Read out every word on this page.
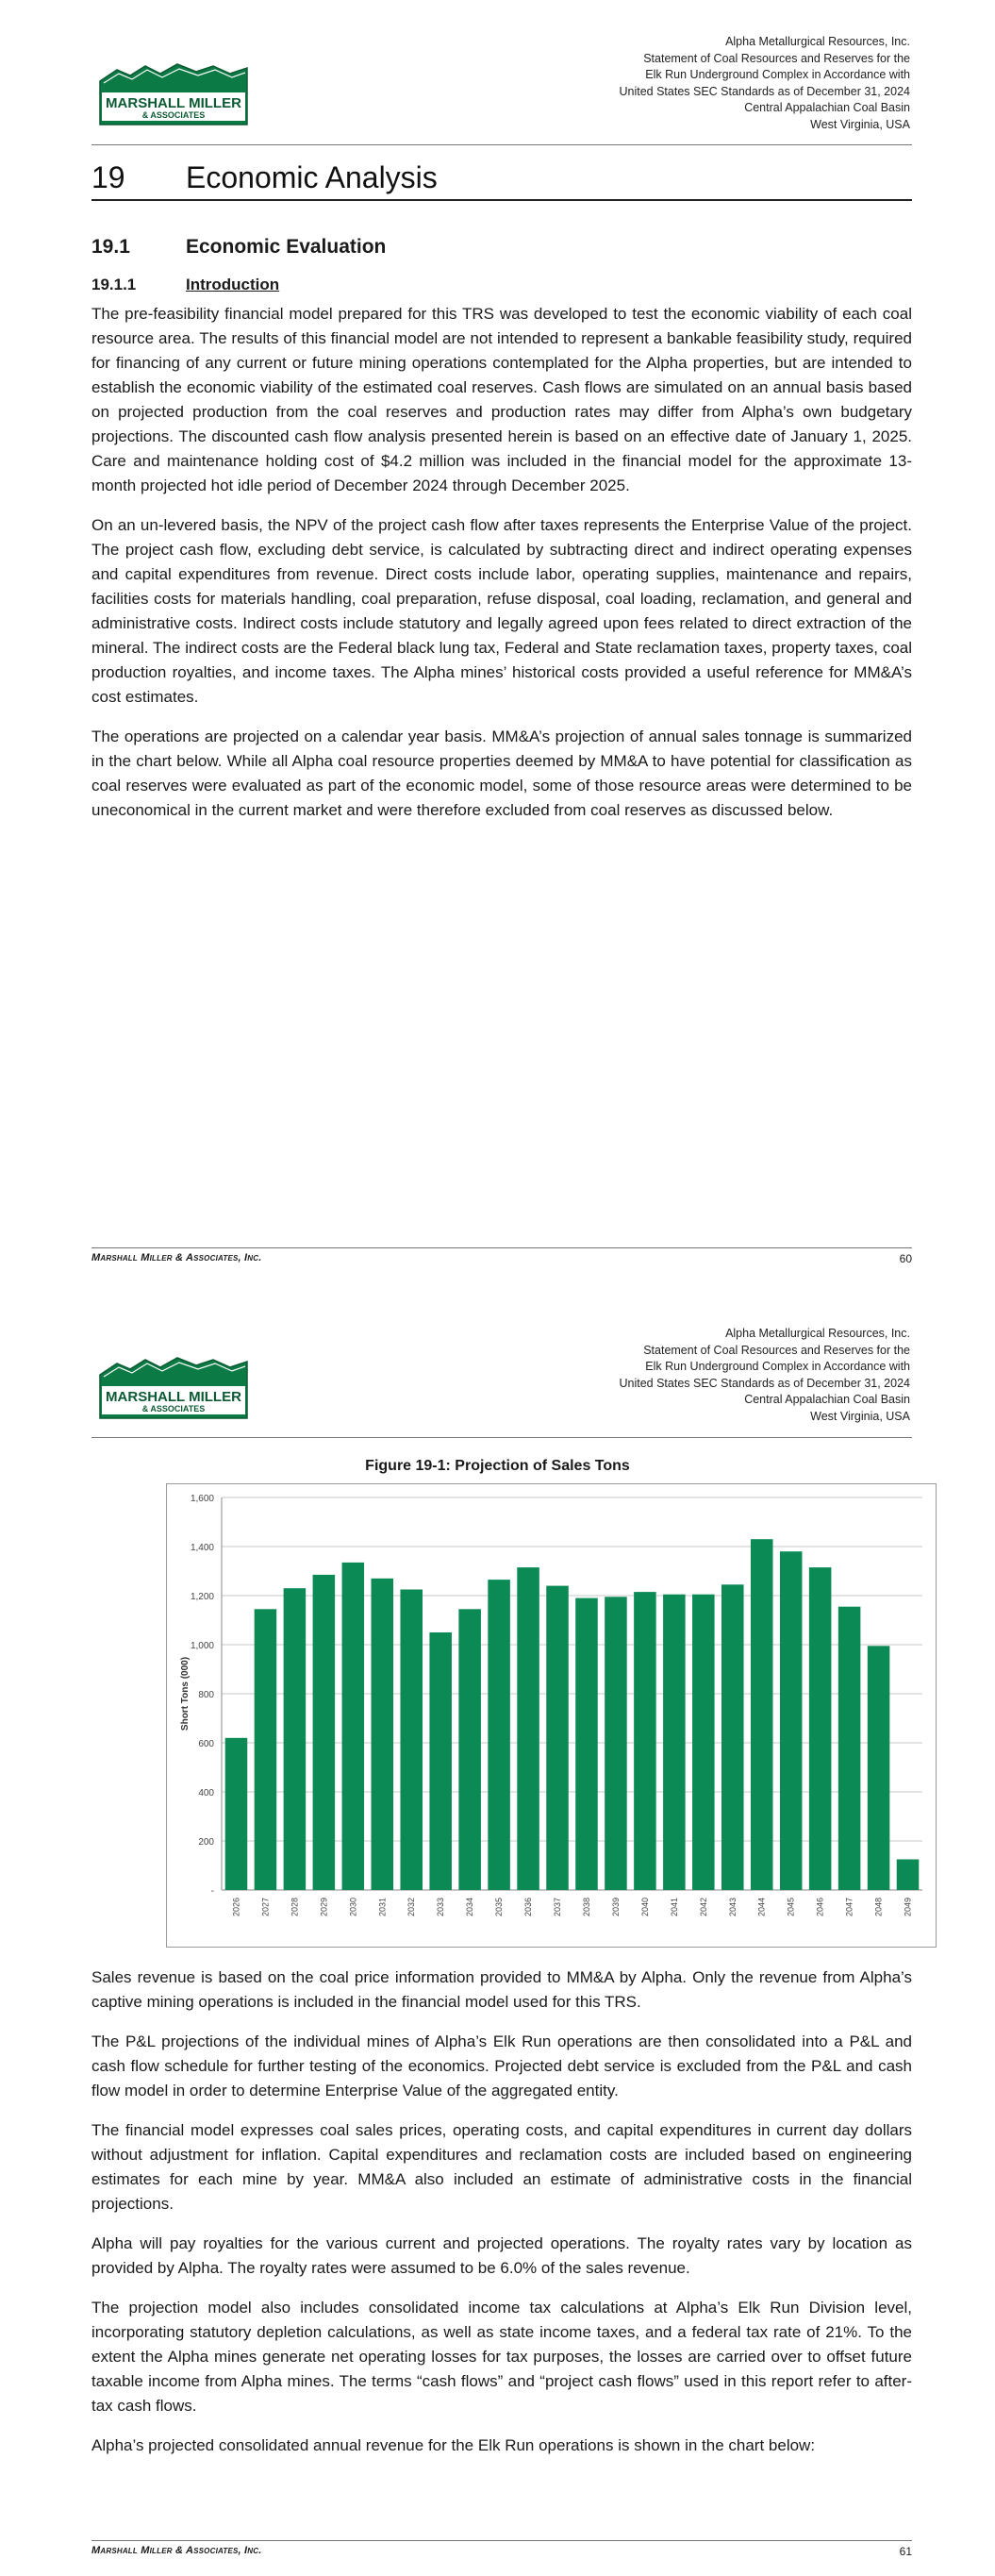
Alpha Metallurgical Resources, Inc.
Statement of Coal Resources and Reserves for the
Elk Run Underground Complex in Accordance with
United States SEC Standards as of December 31, 2024
Central Appalachian Coal Basin
West Virginia, USA
MARSHALL MILLER
& ASSOCIATES
19 Economic Analysis
19.1	Economic Evaluation
19.1.1	Introduction

The pre-feasibility financial model prepared for this TRS was developed to test the economic viability of each coal resource area. The results of this financial model are not intended to represent a bankable feasibility study, required for financing of any current or future mining operations contemplated for the Alpha properties, but are intended to establish the economic viability of the estimated coal reserves. Cash flows are simulated on an annual basis based on projected production from the coal reserves and production rates may differ from Alpha’s own budgetary projections. The discounted cash flow analysis presented herein is based on an effective date of January 1, 2025. Care and maintenance holding cost of $4.2 million was included in the financial model for the approximate 13-month projected hot idle period of December 2024 through December 2025.

On an un-levered basis, the NPV of the project cash flow after taxes represents the Enterprise Value of the project. The project cash flow, excluding debt service, is calculated by subtracting direct and indirect operating expenses and capital expenditures from revenue. Direct costs include labor, operating supplies, maintenance and repairs, facilities costs for materials handling, coal preparation, refuse disposal, coal loading, reclamation, and general and administrative costs. Indirect costs include statutory and legally agreed upon fees related to direct extraction of the mineral. The indirect costs are the Federal black lung tax, Federal and State reclamation taxes, property taxes, coal production royalties, and income taxes. The Alpha mines’ historical costs provided a useful reference for MM&A’s cost estimates.

The operations are projected on a calendar year basis. MM&A’s projection of annual sales tonnage is summarized in the chart below. While all Alpha coal resource properties deemed by MM&A to have potential for classification as coal reserves were evaluated as part of the economic model, some of those resource areas were determined to be uneconomical in the current market and were therefore excluded from coal reserves as discussed below.

Marshall Miller & Associates, Inc.	60
Alpha Metallurgical Resources, Inc.
Statement of Coal Resources and Reserves for the
Elk Run Underground Complex in Accordance with
United States SEC Standards as of December 31, 2024
Central Appalachian Coal Basin
West Virginia, USA
MARSHALL MILLER
& ASSOCIATES
Figure 19-1: Projection of Sales Tons
-
200
400
600
800
1,000
1,200
1,400
1,600
2026 2027 2028 2029 2030 2031 2032 2033 2034 2035 2036 2037 2038 2039 2040 2041 2042 2043 2044 2045 2046 2047 2048 2049
Short Tons (000)

Sales revenue is based on the coal price information provided to MM&A by Alpha. Only the revenue from Alpha’s captive mining operations is included in the financial model used for this TRS.

The P&L projections of the individual mines of Alpha’s Elk Run operations are then consolidated into a P&L and cash flow schedule for further testing of the economics. Projected debt service is excluded from the P&L and cash flow model in order to determine Enterprise Value of the aggregated entity.

The financial model expresses coal sales prices, operating costs, and capital expenditures in current day dollars without adjustment for inflation. Capital expenditures and reclamation costs are included based on engineering estimates for each mine by year. MM&A also included an estimate of administrative costs in the financial projections.

Alpha will pay royalties for the various current and projected operations. The royalty rates vary by location as provided by Alpha. The royalty rates were assumed to be 6.0% of the sales revenue.

The projection model also includes consolidated income tax calculations at Alpha’s Elk Run Division level, incorporating statutory depletion calculations, as well as state income taxes, and a federal tax rate of 21%. To the extent the Alpha mines generate net operating losses for tax purposes, the losses are carried over to offset future taxable income from Alpha mines. The terms “cash flows” and “project cash flows” used in this report refer to after-tax cash flows.

Alpha’s projected consolidated annual revenue for the Elk Run operations is shown in the chart below:

Marshall Miller & Associates, Inc.	61
